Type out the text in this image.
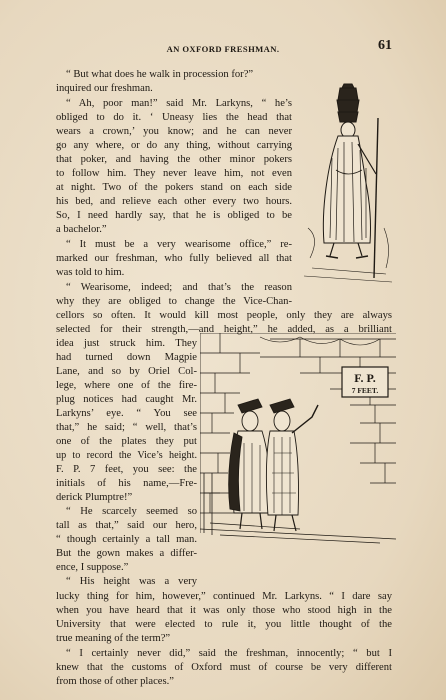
AN OXFORD FRESHMAN.	61
“ But what does he walk in procession for?”
inquired our freshman.
“ Ah, poor man!” said Mr. Larkyns, “ he’s
obliged to do it. ‘ Uneasy lies the head that
wears a crown,’ you know; and he can never
go any where, or do any thing, without carrying
that poker, and having the other minor pokers
to follow him. They never leave him, not even
at night. Two of the pokers stand on each side
his bed, and relieve each other every two hours.
So, I need hardly say, that he is obliged to be
a bachelor.”
“ It must be a very wearisome office,” re-
marked our freshman, who fully believed all that
was told to him.
“ Wearisome, indeed; and that’s the reason
why they are obliged to change the Vice-Chan-
cellors so often. It would kill most people, only they are always
selected for their strength,—and height,” he added, as a brilliant
idea just struck him. They
had turned down Magpie
Lane, and so by Oriel Col-
lege, where one of the fire-
plug notices had caught Mr.
Larkyns’ eye. “ You see
that,” he said; “ well, that’s
one of the plates they put
up to record the Vice’s height.
F. P. 7 feet, you see: the
initials of his name,—Fre-
derick Plumptre!”
“ He scarcely seemed so
tall as that,” said our hero,
“ though certainly a tall man.
But the gown makes a differ-
ence, I suppose.”
“ His height was a very
lucky thing for him, however,” continued Mr. Larkyns. “ I dare say
when you have heard that it was only those who stood high in the
University that were elected to rule it, you little thought of the
true meaning of the term?”
“ I certainly never did,” said the freshman, innocently; “ but I
knew that the customs of Oxford must of course be very different
from those of other places.”
F. P.
7 FEET.
